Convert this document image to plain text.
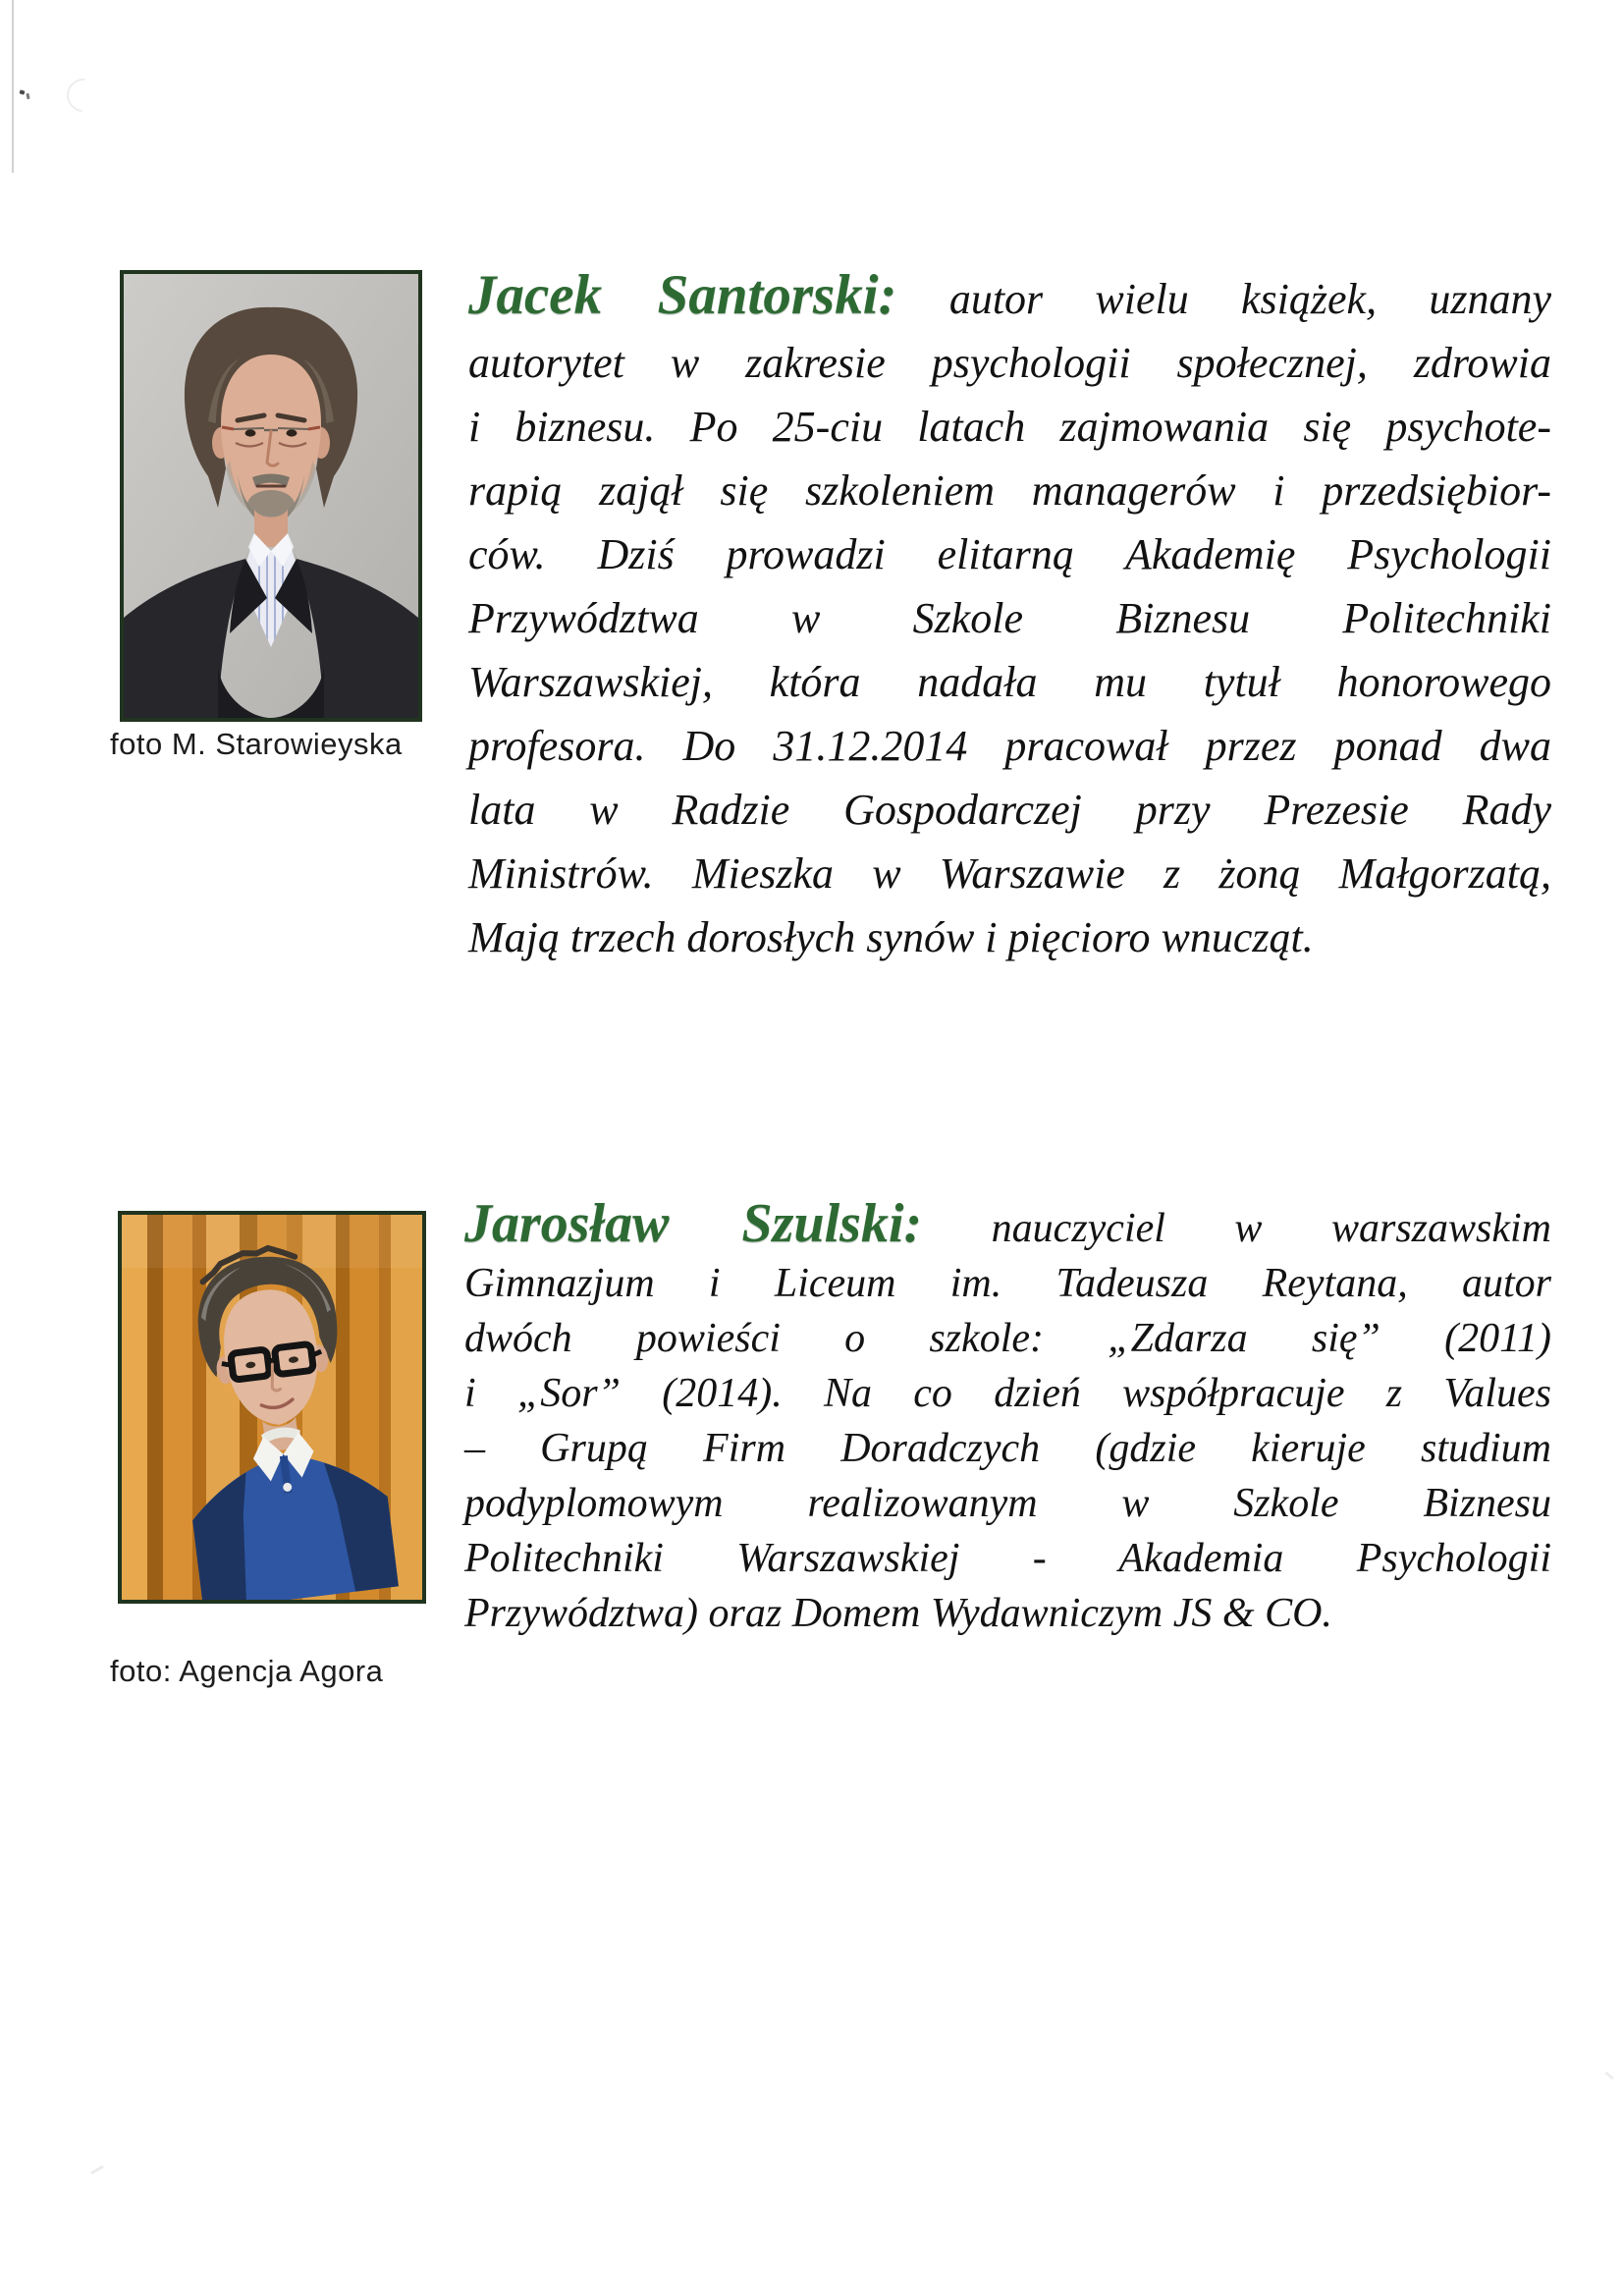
foto M. Starowieyska
Jacek Santorski: autor wielu książek, uznany
autorytet w zakresie psychologii społecznej, zdrowia
i biznesu. Po 25-ciu latach zajmowania się psychote-
rapią zajął się szkoleniem managerów i przedsiębior-
ców. Dziś prowadzi elitarną Akademię Psychologii
Przywództwa w Szkole Biznesu Politechniki
Warszawskiej, która nadała mu tytuł honorowego
profesora. Do 31.12.2014 pracował przez ponad dwa
lata w Radzie Gospodarczej przy Prezesie Rady
Ministrów. Mieszka w Warszawie z żoną Małgorzatą,
Mają trzech dorosłych synów i pięcioro wnucząt.
foto: Agencja Agora
Jarosław Szulski: nauczyciel w warszawskim
Gimnazjum i Liceum im. Tadeusza Reytana, autor
dwóch powieści o szkole: „Zdarza się” (2011)
i „Sor” (2014). Na co dzień współpracuje z Values
– Grupą Firm Doradczych (gdzie kieruje studium
podyplomowym realizowanym w Szkole Biznesu
Politechniki Warszawskiej - Akademia Psychologii
Przywództwa) oraz Domem Wydawniczym JS & CO.
